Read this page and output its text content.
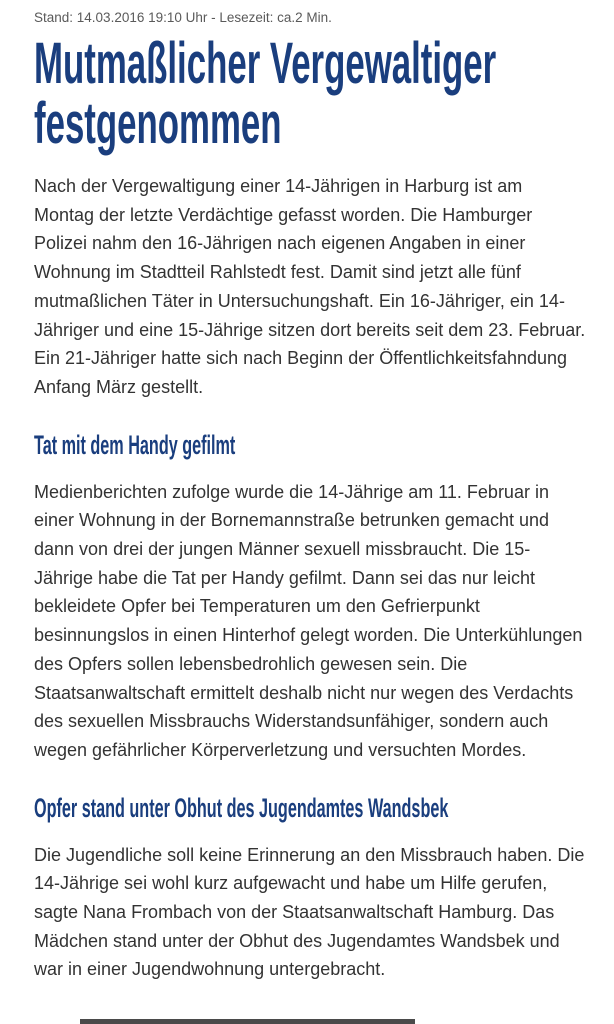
Stand: 14.03.2016 19:10 Uhr - Lesezeit: ca.2 Min.

Mutmaßlicher Vergewaltiger festgenommen

Nach der Vergewaltigung einer 14-Jährigen in Harburg ist am Montag der letzte Verdächtige gefasst worden. Die Hamburger Polizei nahm den 16-Jährigen nach eigenen Angaben in einer Wohnung im Stadtteil Rahlstedt fest. Damit sind jetzt alle fünf mutmaßlichen Täter in Untersuchungshaft. Ein 16-Jähriger, ein 14-Jähriger und eine 15-Jährige sitzen dort bereits seit dem 23. Februar. Ein 21-Jähriger hatte sich nach Beginn der Öffentlichkeitsfahndung Anfang März gestellt.

Tat mit dem Handy gefilmt

Medienberichten zufolge wurde die 14-Jährige am 11. Februar in einer Wohnung in der Bornemannstraße betrunken gemacht und dann von drei der jungen Männer sexuell missbraucht. Die 15-Jährige habe die Tat per Handy gefilmt. Dann sei das nur leicht bekleidete Opfer bei Temperaturen um den Gefrierpunkt besinnungslos in einen Hinterhof gelegt worden. Die Unterkühlungen des Opfers sollen lebensbedrohlich gewesen sein. Die Staatsanwaltschaft ermittelt deshalb nicht nur wegen des Verdachts des sexuellen Missbrauchs Widerstandsunfähiger, sondern auch wegen gefährlicher Körperverletzung und versuchten Mordes.

Opfer stand unter Obhut des Jugendamtes Wandsbek

Die Jugendliche soll keine Erinnerung an den Missbrauch haben. Die 14-Jährige sei wohl kurz aufgewacht und habe um Hilfe gerufen, sagte Nana Frombach von der Staatsanwaltschaft Hamburg. Das Mädchen stand unter der Obhut des Jugendamtes Wandsbek und war in einer Jugendwohnung untergebracht.
